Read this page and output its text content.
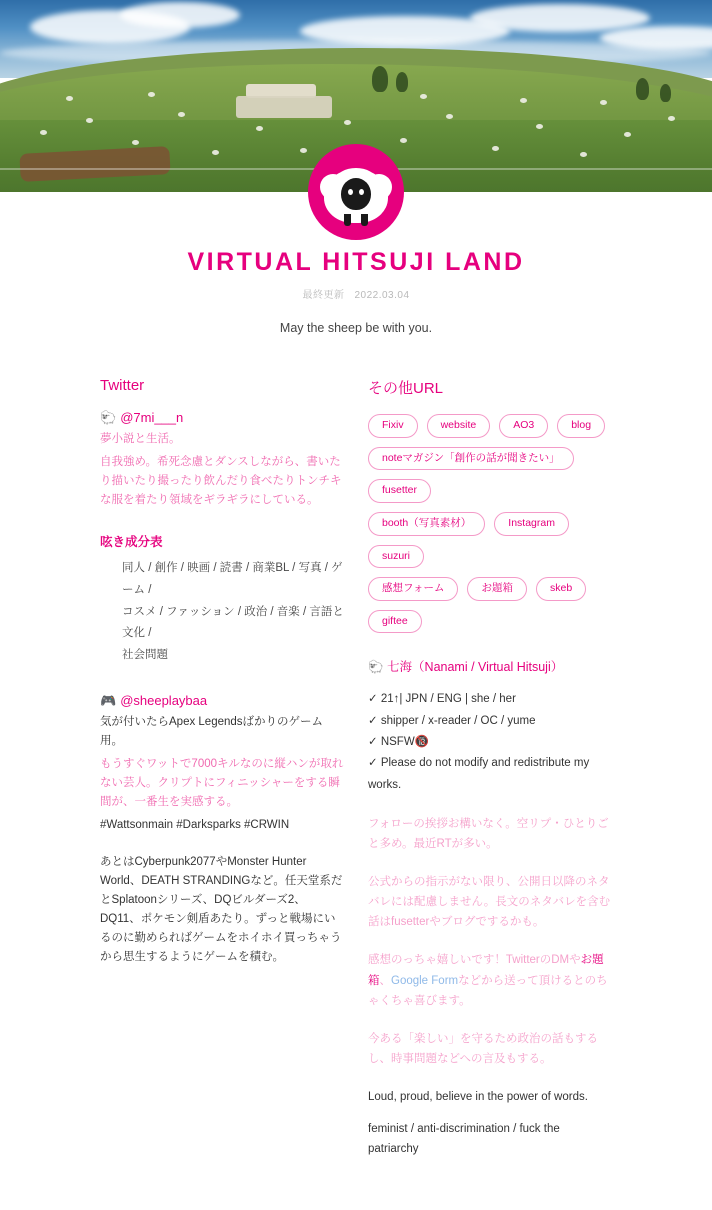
VIRTUAL HITSUJI LAND
最終更新 2022.03.04
May the sheep be with you.
Twitter
🐑 @7mi___n

夢小説と生活。

自我強め。希死念慮とダンスしながら、書いたり描いたり撮ったり飲んだり食べたりトンチキな服を着たり領域をギラギラにしている。

呟き成分表
同人 / 創作 / 映画 / 読書 / 商業BL / 写真 / ゲーム /
コスメ / ファッション / 政治 / 音楽 / 言語と文化 /
社会問題
🎮 @sheeplaybaa

気が付いたらApex Legendsばかりのゲーム用。

もうすぐワットで7000キルなのに縦ハンが取れない芸人。クリプトにフィニッシャーをする瞬間が、一番生を実感する。

#Wattsonmain #Darksparks #CRWIN

あとはCyberpunk2077やMonster Hunter World、DEATH STRANDINGなど。任天堂系だとSplatoonシリーズ、DQビルダーズ2、DQ11、ポケモン剣盾あたり。ずっと戦場にいるのに勤められばゲームをホイホイ買っちゃうから思生するようにゲームを積む。

その他URL
Fixiv	website	AO3	blog
noteマガジン「創作の話が聞きたい」
fusetter
booth（写真素材）	Instagram
suzuri
感想フォーム	お題箱	skeb
giftee
🐑 七海（Nanami / Virtual Hitsuji）
✓ 21↑| JPN / ENG | she / her
✓ shipper / x-reader / OC / yume
✓ NSFW🔞
✓ Please do not modify and redistribute my works.

フォローの挨拶お構いなく。空リプ・ひとりごと多め。最近RTが多い。

公式からの指示がない限り、公開日以降のネタバレには配慮しません。長文のネタバレを含む話はfusetterやブログでするかも。

感想のっちゃ嬉しいです！TwitterのDMやお題箱、Google Formなどから送って頂けるとのちゃくちゃ喜びます。

今ある「楽しい」を守るため政治の話もするし、時事問題などへの言及もする。

Loud, proud, believe in the power of words.

feminist / anti-discrimination / fuck the patriarchy
